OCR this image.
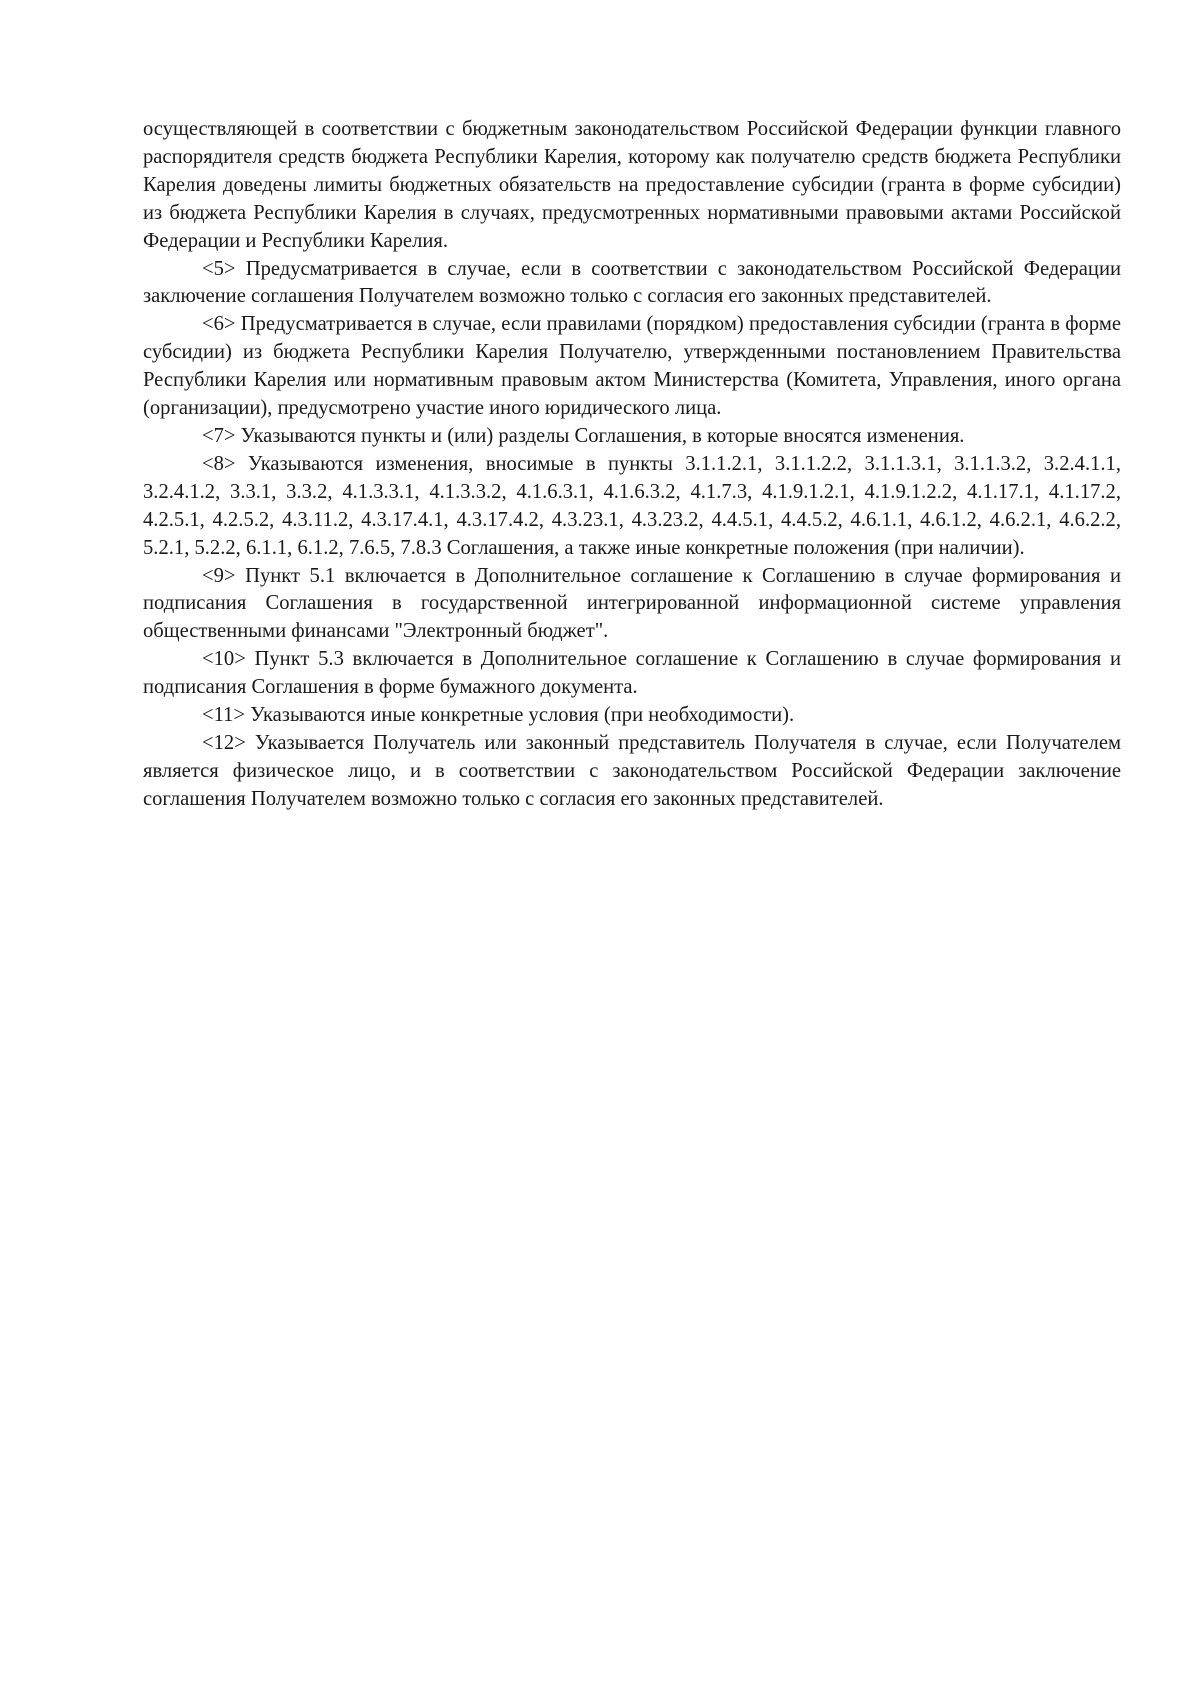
осуществляющей в соответствии с бюджетным законодательством Российской Федерации функции главного распорядителя средств бюджета Республики Карелия, которому как получателю средств бюджета Республики Карелия доведены лимиты бюджетных обязательств на предоставление субсидии (гранта в форме субсидии) из бюджета Республики Карелия в случаях, предусмотренных нормативными правовыми актами Российской Федерации и Республики Карелия.

<5> Предусматривается в случае, если в соответствии с законодательством Российской Федерации заключение соглашения Получателем возможно только с согласия его законных представителей.

<6> Предусматривается в случае, если правилами (порядком) предоставления субсидии (гранта в форме субсидии) из бюджета Республики Карелия Получателю, утвержденными постановлением Правительства Республики Карелия или нормативным правовым актом Министерства (Комитета, Управления, иного органа (организации), предусмотрено участие иного юридического лица.

<7> Указываются пункты и (или) разделы Соглашения, в которые вносятся изменения.

<8> Указываются изменения, вносимые в пункты 3.1.1.2.1, 3.1.1.2.2, 3.1.1.3.1, 3.1.1.3.2, 3.2.4.1.1, 3.2.4.1.2, 3.3.1, 3.3.2, 4.1.3.3.1, 4.1.3.3.2, 4.1.6.3.1, 4.1.6.3.2, 4.1.7.3, 4.1.9.1.2.1, 4.1.9.1.2.2, 4.1.17.1, 4.1.17.2, 4.2.5.1, 4.2.5.2, 4.3.11.2, 4.3.17.4.1, 4.3.17.4.2, 4.3.23.1, 4.3.23.2, 4.4.5.1, 4.4.5.2, 4.6.1.1, 4.6.1.2, 4.6.2.1, 4.6.2.2, 5.2.1, 5.2.2, 6.1.1, 6.1.2, 7.6.5, 7.8.3 Соглашения, а также иные конкретные положения (при наличии).

<9> Пункт 5.1 включается в Дополнительное соглашение к Соглашению в случае формирования и подписания Соглашения в государственной интегрированной информационной системе управления общественными финансами "Электронный бюджет".

<10> Пункт 5.3 включается в Дополнительное соглашение к Соглашению в случае формирования и подписания Соглашения в форме бумажного документа.

<11> Указываются иные конкретные условия (при необходимости).

<12> Указывается Получатель или законный представитель Получателя в случае, если Получателем является физическое лицо, и в соответствии с законодательством Российской Федерации заключение соглашения Получателем возможно только с согласия его законных представителей.
